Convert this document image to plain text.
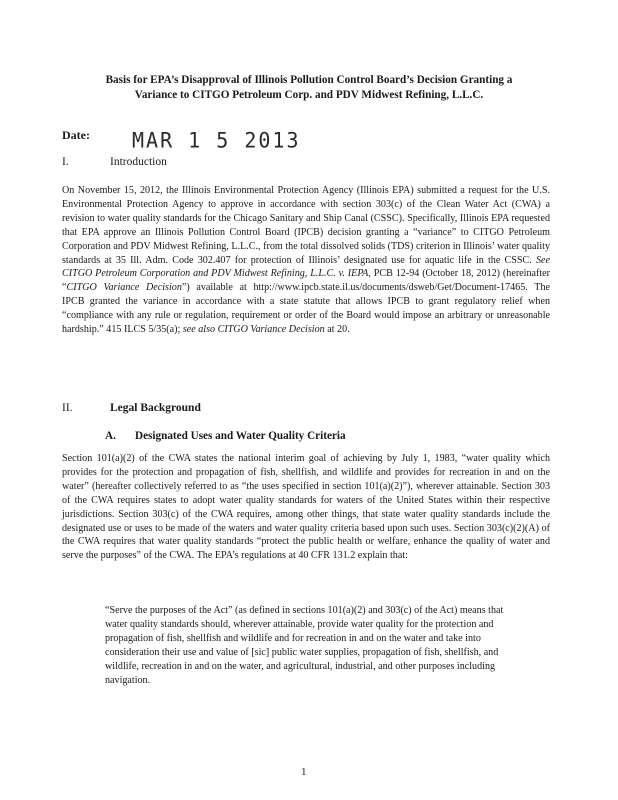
Basis for EPA’s Disapproval of Illinois Pollution Control Board’s Decision Granting a
Variance to CITGO Petroleum Corp. and PDV Midwest Refining, L.L.C.
Date: MAR 1 5 2013
I.	Introduction

On November 15, 2012, the Illinois Environmental Protection Agency (Illinois EPA) submitted a request for the U.S. Environmental Protection Agency to approve in accordance with section 303(c) of the Clean Water Act (CWA) a revision to water quality standards for the Chicago Sanitary and Ship Canal (CSSC). Specifically, Illinois EPA requested that EPA approve an Illinois Pollution Control Board (IPCB) decision granting a “variance” to CITGO Petroleum Corporation and PDV Midwest Refining, L.L.C., from the total dissolved solids (TDS) criterion in Illinois’ water quality standards at 35 Ill. Adm. Code 302.407 for protection of Illinois’ designated use for aquatic life in the CSSC. See CITGO Petroleum Corporation and PDV Midwest Refining, L.L.C. v. IEPA, PCB 12-94 (October 18, 2012) (hereinafter “CITGO Variance Decision”) available at http://www.ipcb.state.il.us/documents/dsweb/Get/Document-17465. The IPCB granted the variance in accordance with a state statute that allows IPCB to grant regulatory relief when “compliance with any rule or regulation, requirement or order of the Board would impose an arbitrary or unreasonable hardship.” 415 ILCS 5/35(a); see also CITGO Variance Decision at 20.

II.	Legal Background
A. Designated Uses and Water Quality Criteria

Section 101(a)(2) of the CWA states the national interim goal of achieving by July 1, 1983, “water quality which provides for the protection and propagation of fish, shellfish, and wildlife and provides for recreation in and on the water” (hereafter collectively referred to as “the uses specified in section 101(a)(2)”), wherever attainable. Section 303 of the CWA requires states to adopt water quality standards for waters of the United States within their respective jurisdictions. Section 303(c) of the CWA requires, among other things, that state water quality standards include the designated use or uses to be made of the waters and water quality criteria based upon such uses. Section 303(c)(2)(A) of the CWA requires that water quality standards “protect the public health or welfare, enhance the quality of water and serve the purposes” of the CWA. The EPA’s regulations at 40 CFR 131.2 explain that:

“Serve the purposes of the Act” (as defined in sections 101(a)(2) and 303(c) of the Act) means that water quality standards should, wherever attainable, provide water quality for the protection and propagation of fish, shellfish and wildlife and for recreation in and on the water and take into consideration their use and value of [sic] public water supplies, propagation of fish, shellfish, and wildlife, recreation in and on the water, and agricultural, industrial, and other purposes including navigation.

1
